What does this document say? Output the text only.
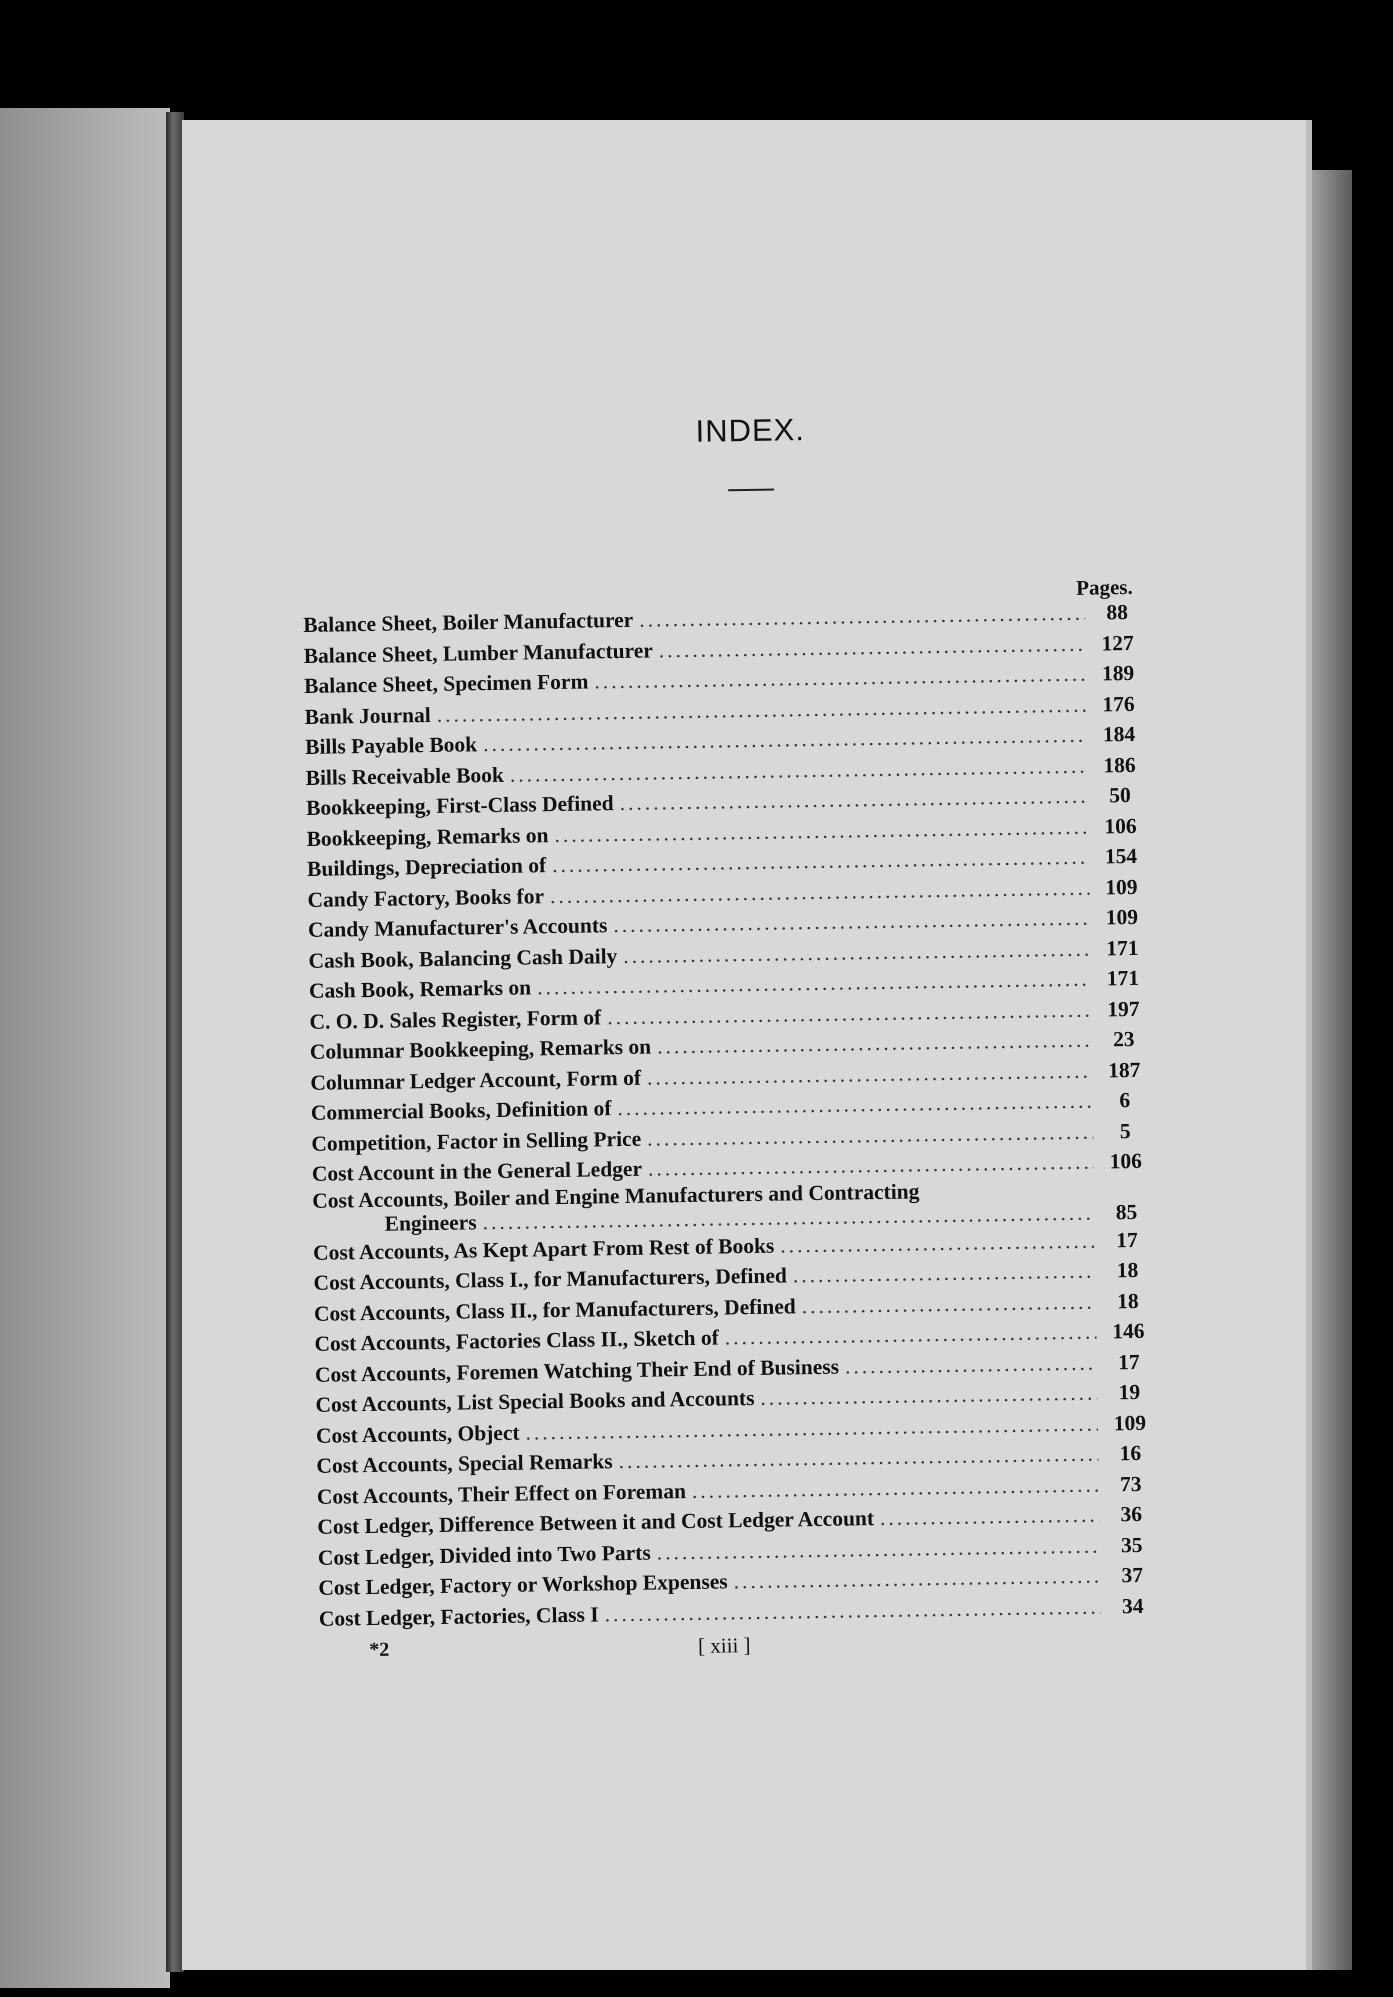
INDEX.
Pages.
Balance Sheet, Boiler Manufacturer .....	88
Balance Sheet, Lumber Manufacturer .....	127
Balance Sheet, Specimen Form .....	189
Bank Journal .....	176
Bills Payable Book .....	184
Bills Receivable Book .....	186
Bookkeeping, First-Class Defined .....	50
Bookkeeping, Remarks on .....	106
Buildings, Depreciation of .....	154
Candy Factory, Books for .....	109
Candy Manufacturer's Accounts .....	109
Cash Book, Balancing Cash Daily .....	171
Cash Book, Remarks on .....	171
C. O. D. Sales Register, Form of .....	197
Columnar Bookkeeping, Remarks on .....	23
Columnar Ledger Account, Form of .....	187
Commercial Books, Definition of .....	6
Competition, Factor in Selling Price .....	5
Cost Account in the General Ledger .....	106
Cost Accounts, Boiler and Engine Manufacturers and Contracting
Engineers .....	85
Cost Accounts, As Kept Apart From Rest of Books .....	17
Cost Accounts, Class I., for Manufacturers, Defined .....	18
Cost Accounts, Class II., for Manufacturers, Defined .....	18
Cost Accounts, Factories Class II., Sketch of .....	146
Cost Accounts, Foremen Watching Their End of Business .....	17
Cost Accounts, List Special Books and Accounts .....	19
Cost Accounts, Object .....	109
Cost Accounts, Special Remarks .....	16
Cost Accounts, Their Effect on Foreman .....	73
Cost Ledger, Difference Between it and Cost Ledger Account .....	36
Cost Ledger, Divided into Two Parts .....	35
Cost Ledger, Factory or Workshop Expenses .....	37
Cost Ledger, Factories, Class I .....	34
*2	[ xiii ]
